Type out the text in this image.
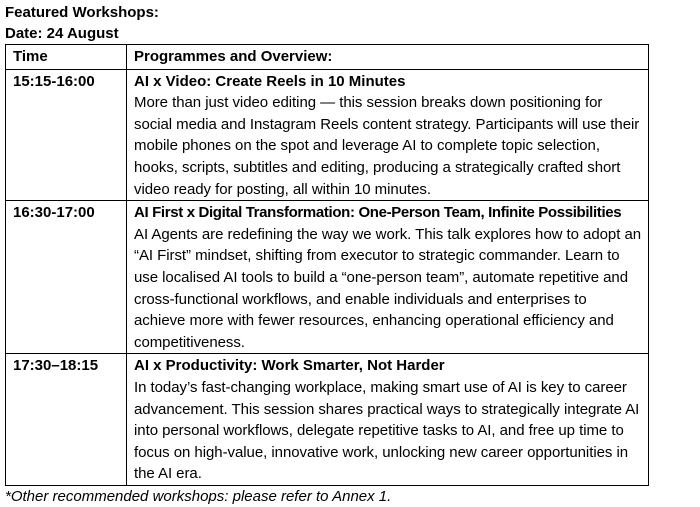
Featured Workshops:

Date: 24 August

Time	Programmes and Overview:
15:15-16:00	AI x Video: Create Reels in 10 Minutes
More than just video editing — this session breaks down positioning for social media and Instagram Reels content strategy. Participants will use their mobile phones on the spot and leverage AI to complete topic selection, hooks, scripts, subtitles and editing, producing a strategically crafted short video ready for posting, all within 10 minutes.

16:30-17:00	AI First x Digital Transformation: One-Person Team, Infinite Possibilities
AI Agents are redefining the way we work. This talk explores how to adopt an “AI First” mindset, shifting from executor to strategic commander. Learn to use localised AI tools to build a “one-person team”, automate repetitive and cross-functional workflows, and enable individuals and enterprises to achieve more with fewer resources, enhancing operational efficiency and competitiveness.

17:30–18:15	AI x Productivity: Work Smarter, Not Harder
In today’s fast-changing workplace, making smart use of AI is key to career advancement. This session shares practical ways to strategically integrate AI into personal workflows, delegate repetitive tasks to AI, and free up time to focus on high-value, innovative work, unlocking new career opportunities in the AI era.

*Other recommended workshops: please refer to Annex 1.
